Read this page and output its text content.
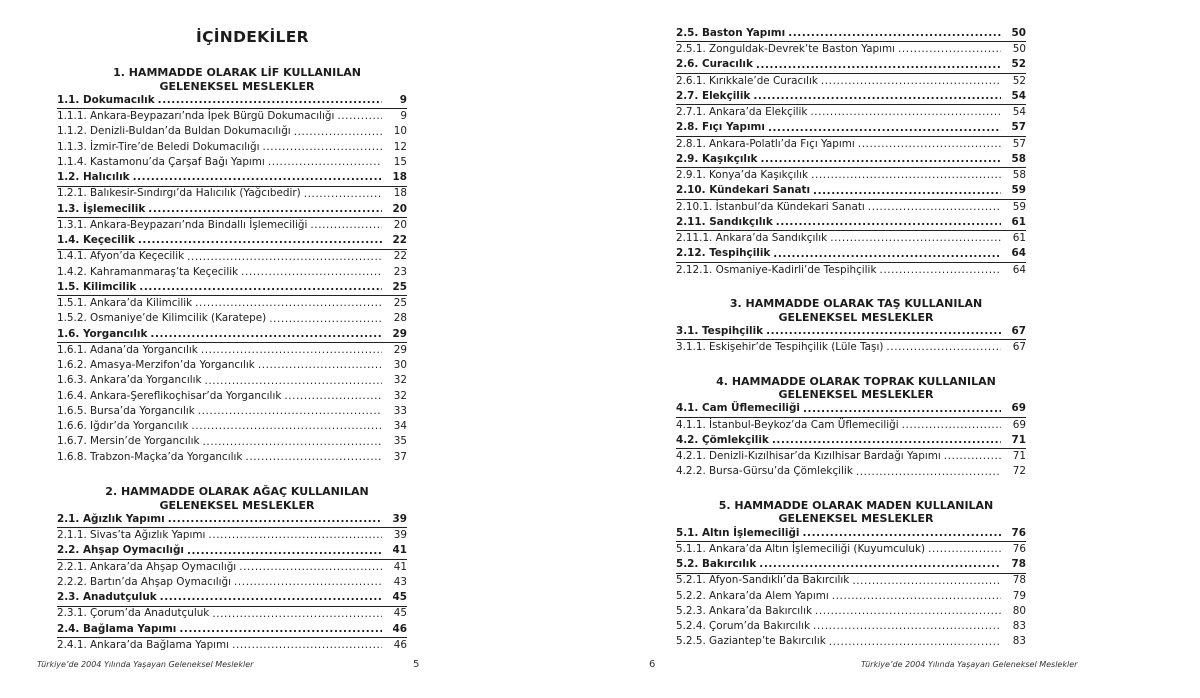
İÇİNDEKİLER

1. HAMMADDE OLARAK LİF KULLANILAN
GELENEKSEL MESLEKLER

1.1. Dokumacılık .....	9
1.1.1. Ankara-Beypazarı’nda İpek Bürgü Dokumacılığı .....	9
1.1.2. Denizli-Buldan’da Buldan Dokumacılığı .....	10
1.1.3. İzmir-Tire’de Beledi Dokumacılığı .....	12
1.1.4. Kastamonu’da Çarşaf Bağı Yapımı .....	15
1.2. Halıcılık .....	18
1.2.1. Balıkesir-Sındırgı’da Halıcılık (Yağcıbedir) .....	18
1.3. İşlemecilik .....	20
1.3.1. Ankara-Beypazarı’nda Bindallı İşlemeciliği .....	20
1.4. Keçecilik .....	22
1.4.1. Afyon’da Keçecilik .....	22
1.4.2. Kahramanmaraş’ta Keçecilik .....	23
1.5. Kilimcilik .....	25
1.5.1. Ankara’da Kilimcilik .....	25
1.5.2. Osmaniye’de Kilimcilik (Karatepe) .....	28
1.6. Yorgancılık .....	29
1.6.1. Adana’da Yorgancılık .....	29
1.6.2. Amasya-Merzifon’da Yorgancılık .....	30
1.6.3. Ankara’da Yorgancılık .....	32
1.6.4. Ankara-Şereflikoçhisar’da Yorgancılık .....	32
1.6.5. Bursa’da Yorgancılık .....	33
1.6.6. Iğdır’da Yorgancılık .....	34
1.6.7. Mersin’de Yorgancılık .....	35
1.6.8. Trabzon-Maçka’da Yorgancılık .....	37

2. HAMMADDE OLARAK AĞAÇ KULLANILAN
GELENEKSEL MESLEKLER

2.1. Ağızlık Yapımı .....	39
2.1.1. Sivas’ta Ağızlık Yapımı .....	39
2.2. Ahşap Oymacılığı .....	41
2.2.1. Ankara’da Ahşap Oymacılığı .....	41
2.2.2. Bartın’da Ahşap Oymacılığı .....	43
2.3. Anadutçuluk .....	45
2.3.1. Çorum’da Anadutçuluk .....	45
2.4. Bağlama Yapımı .....	46
2.4.1. Ankara’da Bağlama Yapımı .....	46
Türkiye’de 2004 Yılında Yaşayan Geleneksel Meslekler	5
2.5. Baston Yapımı .....	50
2.5.1. Zonguldak-Devrek’te Baston Yapımı .....	50
2.6. Curacılık .....	52
2.6.1. Kırıkkale’de Curacılık .....	52
2.7. Elekçilik .....	54
2.7.1. Ankara’da Elekçilik .....	54
2.8. Fıçı Yapımı .....	57
2.8.1. Ankara-Polatlı’da Fıçı Yapımı .....	57
2.9. Kaşıkçılık .....	58
2.9.1. Konya’da Kaşıkçılık .....	58
2.10. Kündekari Sanatı .....	59
2.10.1. İstanbul’da Kündekari Sanatı .....	59
2.11. Sandıkçılık .....	61
2.11.1. Ankara’da Sandıkçılık .....	61
2.12. Tespihçilik .....	64
2.12.1. Osmaniye-Kadirli’de Tespihçilik .....	64

3. HAMMADDE OLARAK TAŞ KULLANILAN
GELENEKSEL MESLEKLER

3.1. Tespihçilik .....	67
3.1.1. Eskişehir’de Tespihçilik (Lüle Taşı) .....	67

4. HAMMADDE OLARAK TOPRAK KULLANILAN
GELENEKSEL MESLEKLER

4.1. Cam Üflemeciliği .....	69
4.1.1. İstanbul-Beykoz’da Cam Üflemeciliği .....	69
4.2. Çömlekçilik .....	71
4.2.1. Denizli-Kızılhisar’da Kızılhisar Bardağı Yapımı .....	71
4.2.2. Bursa-Gürsu’da Çömlekçilik .....	72

5. HAMMADDE OLARAK MADEN KULLANILAN
GELENEKSEL MESLEKLER

5.1. Altın İşlemeciliği .....	76
5.1.1. Ankara’da Altın İşlemeciliği (Kuyumculuk) .....	76
5.2. Bakırcılık .....	78
5.2.1. Afyon-Sandıklı’da Bakırcılık .....	78
5.2.2. Ankara’da Alem Yapımı .....	79
5.2.3. Ankara’da Bakırcılık .....	80
5.2.4. Çorum’da Bakırcılık .....	83
5.2.5. Gaziantep’te Bakırcılık .....	83
6	Türkiye’de 2004 Yılında Yaşayan Geleneksel Meslekler
